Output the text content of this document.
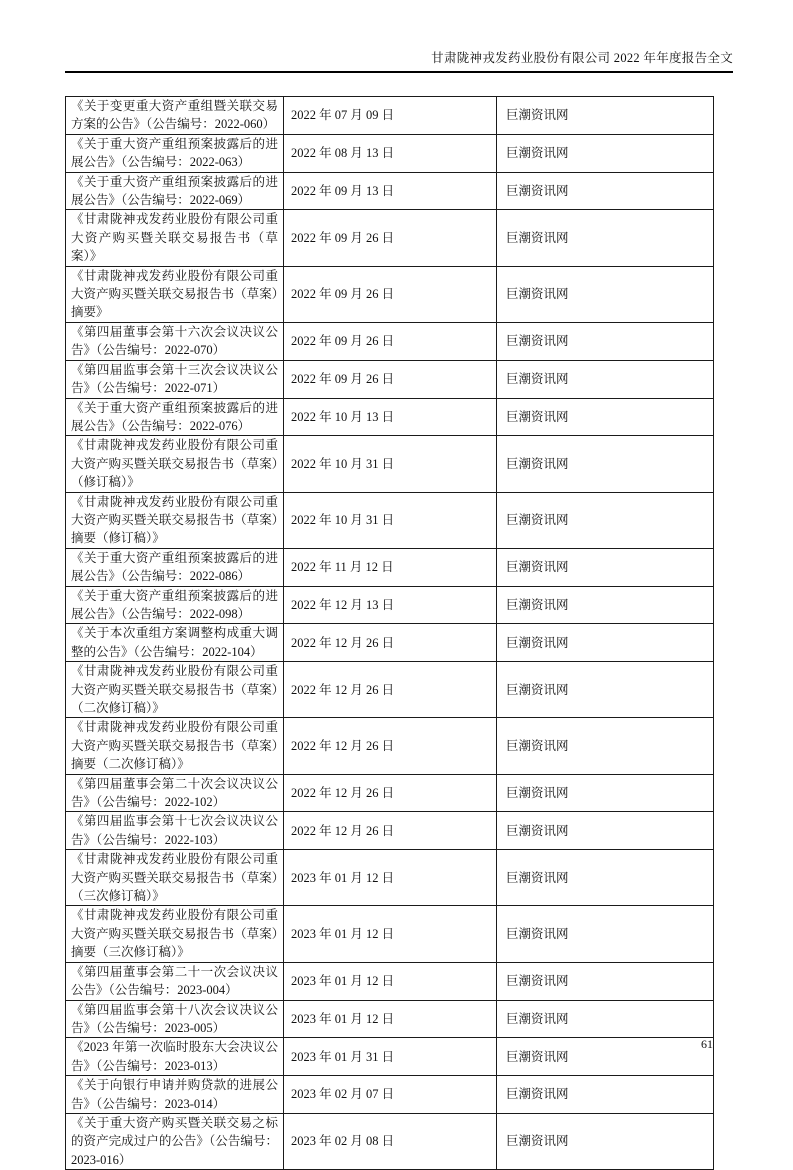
甘肃陇神戎发药业股份有限公司 2022 年年度报告全文
《关于变更重大资产重组暨关联交易方案的公告》（公告编号：2022-060）	2022 年 07 月 09 日	巨潮资讯网
《关于重大资产重组预案披露后的进展公告》（公告编号：2022-063）	2022 年 08 月 13 日	巨潮资讯网
《关于重大资产重组预案披露后的进展公告》（公告编号：2022-069）	2022 年 09 月 13 日	巨潮资讯网
《甘肃陇神戎发药业股份有限公司重大资产购买暨关联交易报告书（草案）》	2022 年 09 月 26 日	巨潮资讯网
《甘肃陇神戎发药业股份有限公司重大资产购买暨关联交易报告书（草案）摘要》	2022 年 09 月 26 日	巨潮资讯网
《第四届董事会第十六次会议决议公告》（公告编号：2022-070）	2022 年 09 月 26 日	巨潮资讯网
《第四届监事会第十三次会议决议公告》（公告编号：2022-071）	2022 年 09 月 26 日	巨潮资讯网
《关于重大资产重组预案披露后的进展公告》（公告编号：2022-076）	2022 年 10 月 13 日	巨潮资讯网
《甘肃陇神戎发药业股份有限公司重大资产购买暨关联交易报告书（草案）（修订稿）》	2022 年 10 月 31 日	巨潮资讯网
《甘肃陇神戎发药业股份有限公司重大资产购买暨关联交易报告书（草案）摘要（修订稿）》	2022 年 10 月 31 日	巨潮资讯网
《关于重大资产重组预案披露后的进展公告》（公告编号：2022-086）	2022 年 11 月 12 日	巨潮资讯网
《关于重大资产重组预案披露后的进展公告》（公告编号：2022-098）	2022 年 12 月 13 日	巨潮资讯网
《关于本次重组方案调整构成重大调整的公告》（公告编号：2022-104）	2022 年 12 月 26 日	巨潮资讯网
《甘肃陇神戎发药业股份有限公司重大资产购买暨关联交易报告书（草案）（二次修订稿）》	2022 年 12 月 26 日	巨潮资讯网
《甘肃陇神戎发药业股份有限公司重大资产购买暨关联交易报告书（草案）摘要（二次修订稿）》	2022 年 12 月 26 日	巨潮资讯网
《第四届董事会第二十次会议决议公告》（公告编号：2022-102）	2022 年 12 月 26 日	巨潮资讯网
《第四届监事会第十七次会议决议公告》（公告编号：2022-103）	2022 年 12 月 26 日	巨潮资讯网
《甘肃陇神戎发药业股份有限公司重大资产购买暨关联交易报告书（草案）（三次修订稿）》	2023 年 01 月 12 日	巨潮资讯网
《甘肃陇神戎发药业股份有限公司重大资产购买暨关联交易报告书（草案）摘要（三次修订稿）》	2023 年 01 月 12 日	巨潮资讯网
《第四届董事会第二十一次会议决议公告》（公告编号：2023-004）	2023 年 01 月 12 日	巨潮资讯网
《第四届监事会第十八次会议决议公告》（公告编号：2023-005）	2023 年 01 月 12 日	巨潮资讯网
《2023 年第一次临时股东大会决议公告》（公告编号：2023-013）	2023 年 01 月 31 日	巨潮资讯网
《关于向银行申请并购贷款的进展公告》（公告编号：2023-014）	2023 年 02 月 07 日	巨潮资讯网
《关于重大资产购买暨关联交易之标的资产完成过户的公告》（公告编号：2023-016）	2023 年 02 月 08 日	巨潮资讯网
61
